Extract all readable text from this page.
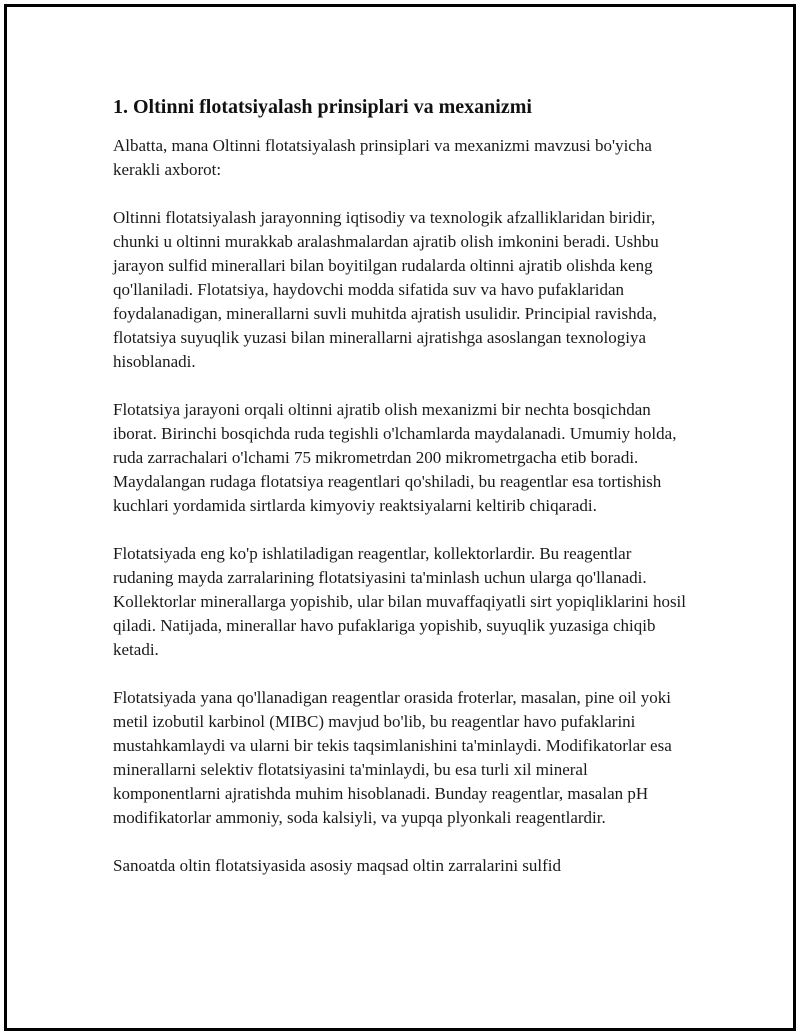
1. Oltinni flotatsiyalash prinsiplari va mexanizmi

Albatta, mana Oltinni flotatsiyalash prinsiplari va mexanizmi mavzusi bo'yicha kerakli axborot:

Oltinni flotatsiyalash jarayonning iqtisodiy va texnologik afzalliklaridan biridir, chunki u oltinni murakkab aralashmalardan ajratib olish imkonini beradi. Ushbu jarayon sulfid minerallari bilan boyitilgan rudalarda oltinni ajratib olishda keng qo'llaniladi. Flotatsiya, haydovchi modda sifatida suv va havo pufaklaridan foydalanadigan, minerallarni suvli muhitda ajratish usulidir. Principial ravishda, flotatsiya suyuqlik yuzasi bilan minerallarni ajratishga asoslangan texnologiya hisoblanadi.

Flotatsiya jarayoni orqali oltinni ajratib olish mexanizmi bir nechta bosqichdan iborat. Birinchi bosqichda ruda tegishli o'lchamlarda maydalanadi. Umumiy holda, ruda zarrachalari o'lchami 75 mikrometrdan 200 mikrometrgacha etib boradi. Maydalangan rudaga flotatsiya reagentlari qo'shiladi, bu reagentlar esa tortishish kuchlari yordamida sirtlarda kimyoviy reaktsiyalarni keltirib chiqaradi.

Flotatsiyada eng ko'p ishlatiladigan reagentlar, kollektorlardir. Bu reagentlar rudaning mayda zarralarining flotatsiyasini ta'minlash uchun ularga qo'llanadi. Kollektorlar minerallarga yopishib, ular bilan muvaffaqiyatli sirt yopiqliklarini hosil qiladi. Natijada, minerallar havo pufaklariga yopishib, suyuqlik yuzasiga chiqib ketadi.

Flotatsiyada yana qo'llanadigan reagentlar orasida froterlar, masalan, pine oil yoki metil izobutil karbinol (MIBC) mavjud bo'lib, bu reagentlar havo pufaklarini mustahkamlaydi va ularni bir tekis taqsimlanishini ta'minlaydi. Modifikatorlar esa minerallarni selektiv flotatsiyasini ta'minlaydi, bu esa turli xil mineral komponentlarni ajratishda muhim hisoblanadi. Bunday reagentlar, masalan pH modifikatorlar ammoniy, soda kalsiyli, va yupqa plyonkali reagentlardir.

Sanoatda oltin flotatsiyasida asosiy maqsad oltin zarralarini sulfid
